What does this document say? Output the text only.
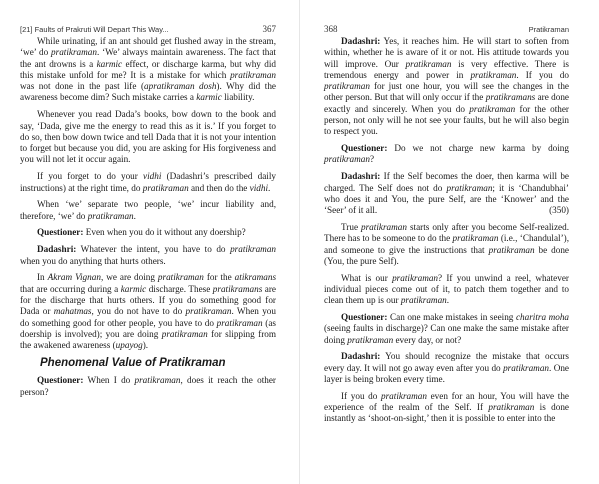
[21] Faults of Prakruti Will Depart This Way...	367

While urinating, if an ant should get flushed away in the stream, ‘we’ do pratikraman. ‘We’ always maintain awareness. The fact that the ant drowns is a karmic effect, or discharge karma, but why did this mistake unfold for me? It is a mistake for which pratikraman was not done in the past life (apratikraman dosh). Why did the awareness become dim? Such mistake carries a karmic liability.

Whenever you read Dada’s books, bow down to the book and say, ‘Dada, give me the energy to read this as it is.’ If you forget to do so, then bow down twice and tell Dada that it is not your intention to forget but because you did, you are asking for His forgiveness and you will not let it occur again.

If you forget to do your vidhi (Dadashri’s prescribed daily instructions) at the right time, do pratikraman and then do the vidhi.

When ‘we’ separate two people, ‘we’ incur liability and, therefore, ‘we’ do pratikraman.

Questioner: Even when you do it without any doership?

Dadashri: Whatever the intent, you have to do pratikraman when you do anything that hurts others.

In Akram Vignan, we are doing pratikraman for the atikramans that are occurring during a karmic discharge. These pratikramans are for the discharge that hurts others. If you do something good for Dada or mahatmas, you do not have to do pratikraman. When you do something good for other people, you have to do pratikraman (as doership is involved); you are doing pratikraman for slipping from the awakened awareness (upayog).

Phenomenal Value of Pratikraman

Questioner: When I do pratikraman, does it reach the other person?

368	Pratikraman

Dadashri: Yes, it reaches him. He will start to soften from within, whether he is aware of it or not. His attitude towards you will improve. Our pratikraman is very effective. There is tremendous energy and power in pratikraman. If you do pratikraman for just one hour, you will see the changes in the other person. But that will only occur if the pratikramans are done exactly and sincerely. When you do pratikraman for the other person, not only will he not see your faults, but he will also begin to respect you.

Questioner: Do we not charge new karma by doing pratikraman?

Dadashri: If the Self becomes the doer, then karma will be charged. The Self does not do pratikraman; it is ‘Chandubhai’ who does it and You, the pure Self, are the ‘Knower’ and the ‘Seer’ of it all.	(350)

True pratikraman starts only after you become Self-realized. There has to be someone to do the pratikraman (i.e., ‘Chandulal’), and someone to give the instructions that pratikraman be done (You, the pure Self).

What is our pratikraman? If you unwind a reel, whatever individual pieces come out of it, to patch them together and to clean them up is our pratikraman.

Questioner: Can one make mistakes in seeing charitra moha (seeing faults in discharge)? Can one make the same mistake after doing pratikraman every day, or not?

Dadashri: You should recognize the mistake that occurs every day. It will not go away even after you do pratikraman. One layer is being broken every time.

If you do pratikraman even for an hour, You will have the experience of the realm of the Self. If pratikraman is done instantly as ‘shoot-on-sight,’ then it is possible to enter into the
